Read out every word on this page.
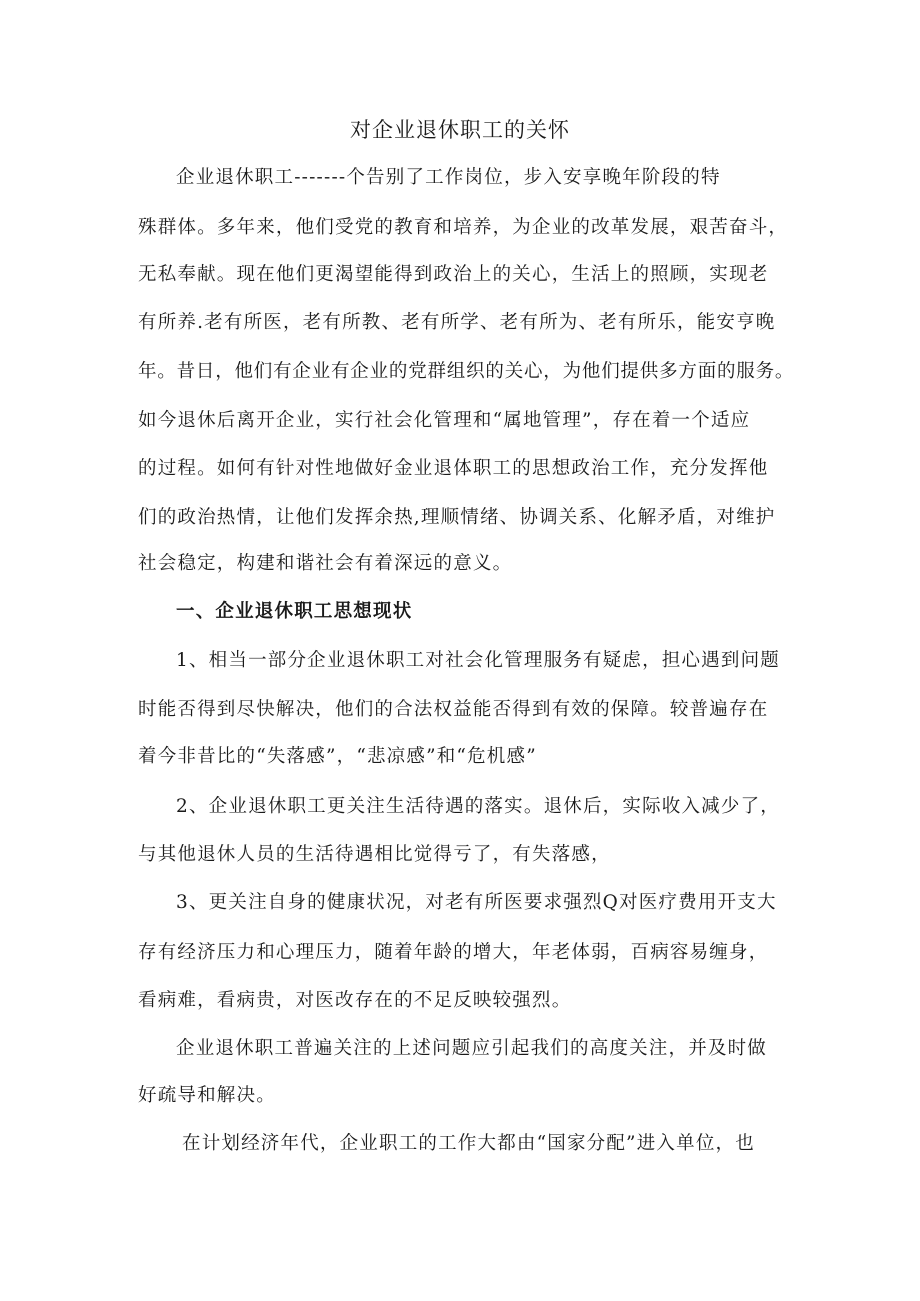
对企业退休职工的关怀
企业退休职工-------个告别了工作岗位，步入安享晚年阶段的特
殊群体。多年来，他们受党的教育和培养，为企业的改革发展，艰苦奋斗，
无私奉献。现在他们更渴望能得到政治上的关心，生活上的照顾，实现老
有所养.老有所医，老有所教、老有所学、老有所为、老有所乐，能安亨晚
年。昔日，他们有企业有企业的党群组织的关心，为他们提供多方面的服务。
如今退休后离开企业，实行社会化管理和“属地管理”，存在着一个适应
的过程。如何有针对性地做好金业退体职工的思想政治工作，充分发挥他
们的政治热情，让他们发挥余热,理顺情绪、协调关系、化解矛盾，对维护
社会稳定，构建和谐社会有着深远的意义。
一、企业退休职工思想现状
1、相当一部分企业退休职工对社会化管理服务有疑虑，担心遇到问题
时能否得到尽快解决，他们的合法权益能否得到有效的保障。较普遍存在
着今非昔比的“失落感”，“悲凉感”和“危机感”
2、企业退休职工更关注生活待遇的落实。退休后，实际收入减少了，
与其他退休人员的生活待遇相比觉得亏了，有失落感，
3、更关注自身的健康状况，对老有所医要求强烈Q对医疗费用开支大
存有经济压力和心理压力，随着年龄的增大，年老体弱，百病容易缠身，
看病难，看病贵，对医改存在的不足反映较强烈。
企业退休职工普遍关注的上述问题应引起我们的高度关注，并及时做
好疏导和解决。
在计划经济年代，企业职工的工作大都由“国家分配”进入单位，也
